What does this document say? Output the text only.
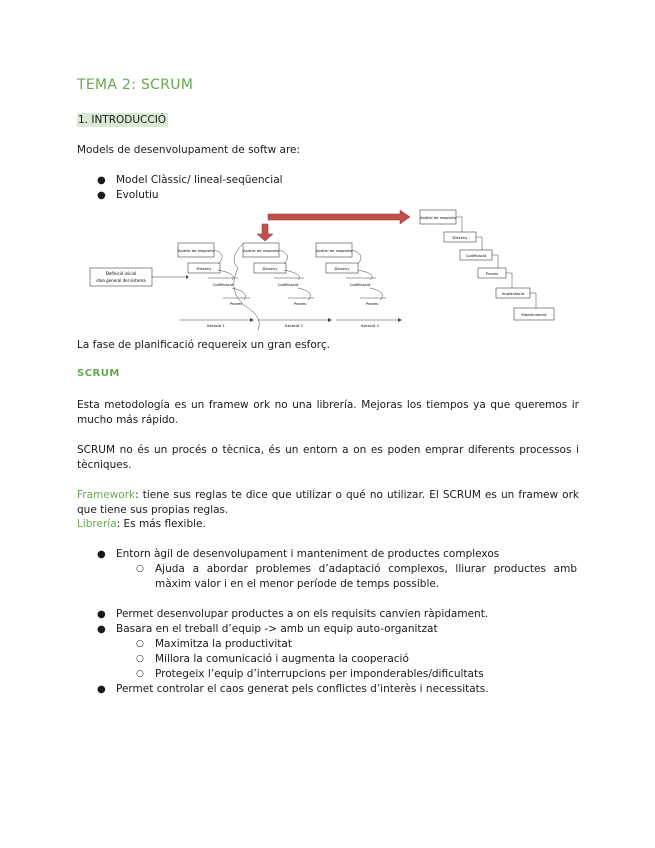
TEMA 2: SCRUM
1. INTRODUCCIÓ
Models de desenvolupament de softw are:
● Model Clàssic/ lineal-seqüencial
● Evolutiu
Definició inicial
idea general del sistema
Anàlisi de requisits
Disseny
Codificació
Proves
Anàlisi de requisits
Disseny
Codificació
Proves
Anàlisi de requisits
Disseny
Codificació
Proves
Iteració 1	Iteració 2	Iteració 3
Anàlisi de requisits
Disseny
Codificació
Proves
Implantació
Manteniment
La fase de planificació requereix un gran esforç.
SCRUM
Esta metodología es un framew ork no una librería. Mejoras los tiempos ya que queremos ir mucho más rápido.
SCRUM no és un procés o tècnica, és un entorn a on es poden emprar diferents processos i tècniques.
Framework: tiene sus reglas te dice que utilizar o qué no utilizar. El SCRUM es un framew ork que tiene sus propias reglas.
Librería: Es más flexible.
● Entorn àgil de desenvolupament i manteniment de productes complexos
○ Ajuda a abordar problemes d’adaptació complexos, lliurar productes amb màxim valor i en el menor període de temps possible.
● Permet desenvolupar productes a on els requisits canvien ràpidament.
● Basara en el treball d’equip -> amb un equip auto-organitzat
○ Maximitza la productivitat
○ Millora la comunicació i augmenta la cooperació
○ Protegeix l’equip d’interrupcions per imponderables/dificultats
● Permet controlar el caos generat pels conflictes d’interès i necessitats.
